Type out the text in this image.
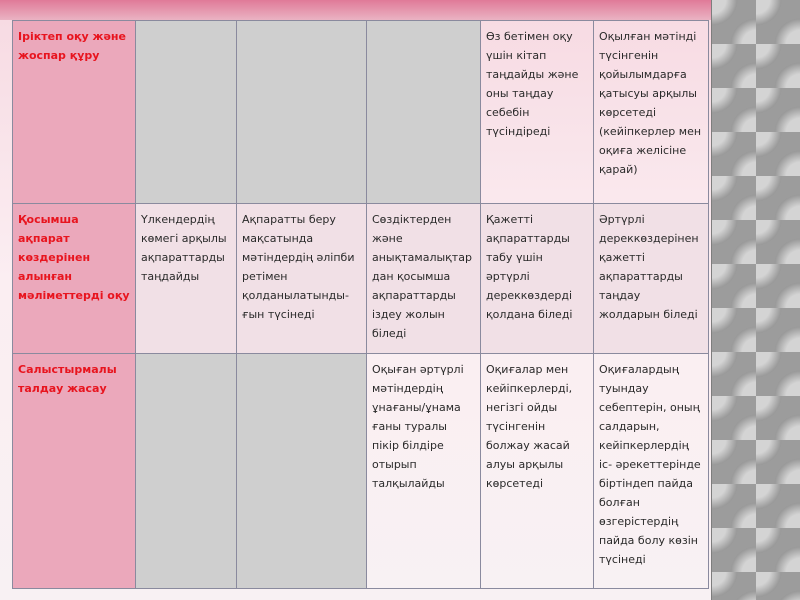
Іріктеп оқу және жоспар құру				Өз бетімен оқу үшін кітап таңдайды және оны таңдау себебін түсіндіреді	Оқылған мәтінді түсінгенін қойылымдарға қатысуы арқылы көрсетеді (кейіпкерлер мен оқиға желісіне қарай)
Қосымша ақпарат көздерінен алынған мәліметтерді оқу	Үлкендердің көмегі арқылы ақпараттарды таңдайды	Ақпаратты беру мақсатында мәтіндердің әліпби ретімен қолданылатынды-ғын түсінеді	Сөздіктерден және анықтамалықтар дан қосымша ақпараттарды іздеу жолын біледі	Қажетті ақпараттарды табу үшін әртүрлі дереккөздерді қолдана біледі	Әртүрлі дереккөздерінен қажетті ақпараттарды таңдау жолдарын біледі
Салыстырмалы талдау жасау			Оқыған әртүрлі мәтіндердің ұнағаны/ұнама ғаны туралы пікір білдіре отырып талқылайды	Оқиғалар мен кейіпкерлерді, негізгі ойды түсінгенін болжау жасай алуы арқылы көрсетеді	Оқиғалардың туындау себептерін, оның салдарын, кейіпкерлердің іс- әрекеттерінде біртіндеп пайда болған өзгерістердің пайда болу көзін түсінеді
